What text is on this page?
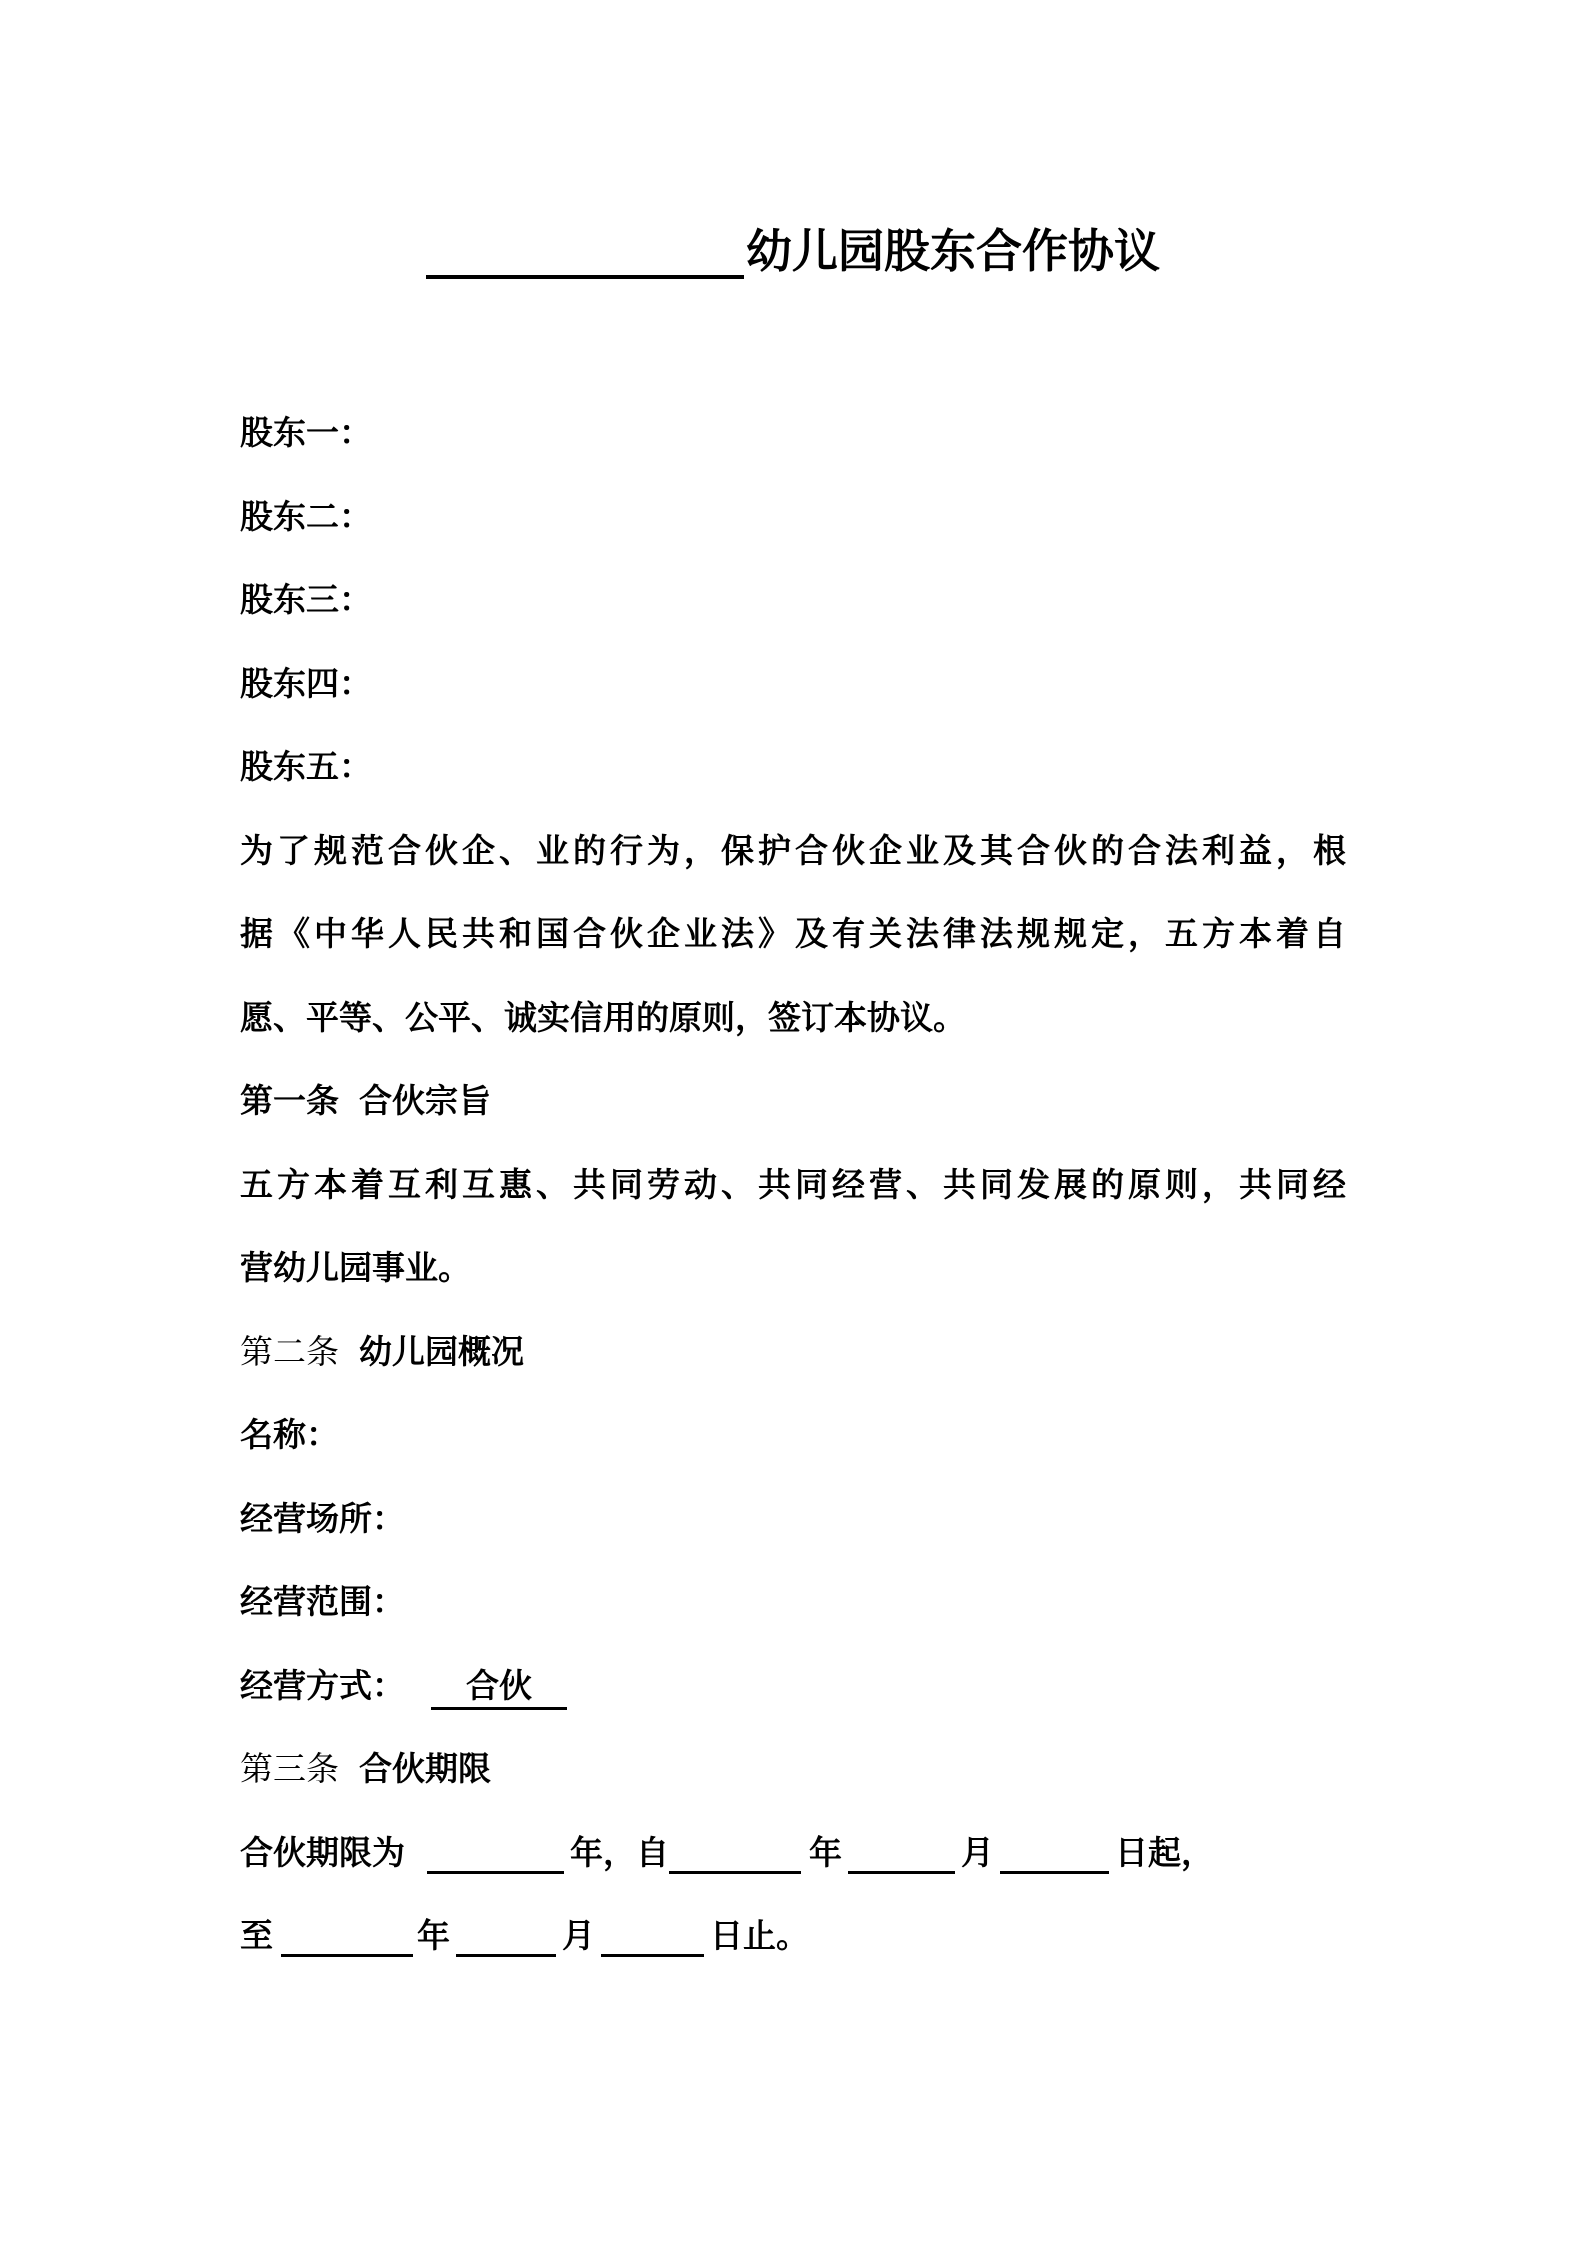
幼儿园股东合作协议

股东一：

股东二：

股东三：

股东四：

股东五：

为了规范合伙企、业的行为，保护合伙企业及其合伙的合法利益，根

据《中华人民共和国合伙企业法》及有关法律法规规定，五方本着自

愿、平等、公平、诚实信用的原则，签订本协议。

第一条 合伙宗旨

五方本着互利互惠、共同劳动、共同经营、共同发展的原则，共同经

营幼儿园事业。

第二条 幼儿园概况

名称：

经营场所：

经营范围：

经营方式： 合伙

第三条 合伙期限

合伙期限为	年，自	年	月	日起，

至	年	月	日止。
